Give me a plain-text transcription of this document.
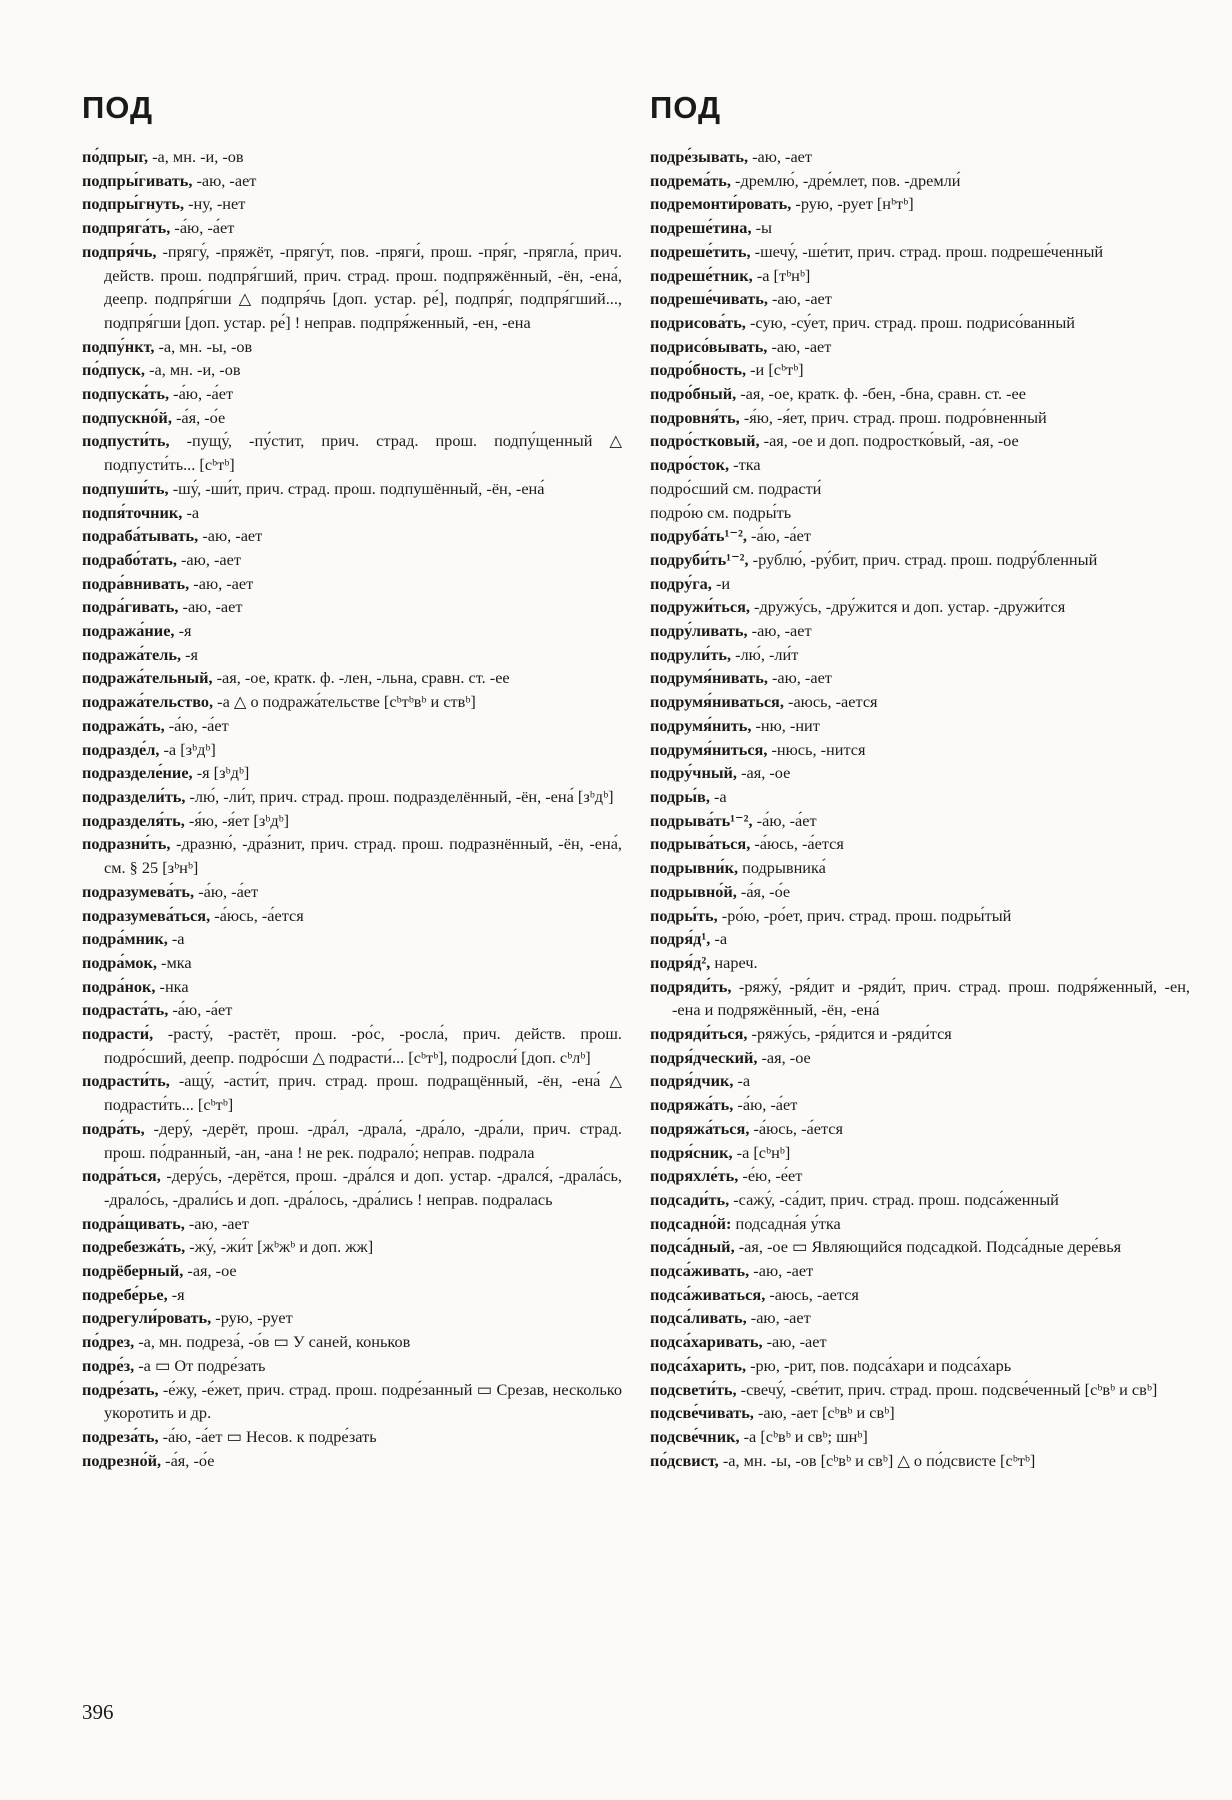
ПОД
по́дпрыг, -а, мн. -и, -ов
подпры́гивать, -аю, -ает
подпры́гнуть, -ну, -нет
подпряга́ть, -а́ю, -а́ет
подпря́чь, -прягу́, -пряжёт, -прягу́т, пов. -пряги́, прош. -пря́г, -прягла́, прич. действ. прош. подпря́гший, прич. страд. прош. подпряжённый, -ён, -ена́, деепр. подпря́гши △ подпря́чь [доп. устар. ре́], подпря́г, подпря́гший..., подпря́гши [доп. устар. ре́] ! неправ. подпря́женный, -ен, -ена
подпу́нкт, -а, мн. -ы, -ов
по́дпуск, -а, мн. -и, -ов
подпуска́ть, -а́ю, -а́ет
подпускно́й, -а́я, -о́е
подпусти́ть, -пущу́, -пу́стит, прич. страд. прош. подпу́щенный △ подпусти́ть... [сᵇтᵇ]
подпуши́ть, -шу́, -ши́т, прич. страд. прош. подпушённый, -ён, -ена́
подпя́точник, -а
подраба́тывать, -аю, -ает
подрабо́тать, -аю, -ает
подра́внивать, -аю, -ает
подра́гивать, -аю, -ает
подража́ние, -я
подража́тель, -я
подража́тельный, -ая, -ое, кратк. ф. -лен, -льна, сравн. ст. -ее
подража́тельство, -а △ о подража́тельстве [сᵇтᵇвᵇ и ствᵇ]
подража́ть, -а́ю, -а́ет
подразде́л, -а [зᵇдᵇ]
подразделе́ние, -я [зᵇдᵇ]
подраздели́ть, -лю́, -ли́т, прич. страд. прош. подразделённый, -ён, -ена́ [зᵇдᵇ]
подразделя́ть, -я́ю, -я́ет [зᵇдᵇ]
подразни́ть, -дразню́, -дра́знит, прич. страд. прош. подразнённый, -ён, -ена́, см. § 25 [зᵇнᵇ]
подразумева́ть, -а́ю, -а́ет
подразумева́ться, -а́юсь, -а́ется
подра́мник, -а
подра́мок, -мка
подра́нок, -нка
подраста́ть, -а́ю, -а́ет
подрасти́, -расту́, -растёт, прош. -ро́с, -росла́, прич. действ. прош. подро́сший, деепр. подро́сши △ подрасти́... [сᵇтᵇ], подросли́ [доп. сᵇлᵇ]
подрасти́ть, -ащу́, -асти́т, прич. страд. прош. подращённый, -ён, -ена́ △ подрасти́ть... [сᵇтᵇ]
подра́ть, -деру́, -дерёт, прош. -дра́л, -драла́, -дра́ло, -дра́ли, прич. страд. прош. по́дранный, -ан, -ана ! не рек. подрало́; неправ. подрала
подра́ться, -деру́сь, -дерётся, прош. -дра́лся и доп. устар. -дрался́, -драла́сь, -драло́сь, -драли́сь и доп. -дра́лось, -дра́лись ! неправ. подралась
подра́щивать, -аю, -ает
подребезжа́ть, -жу́, -жи́т [жᵇжᵇ и доп. жж]
подрёберный, -ая, -ое
подребе́рье, -я
подрегули́ровать, -рую, -рует
по́дрез, -а, мн. подреза́, -о́в ▭ У саней, коньков
подре́з, -а ▭ От подре́зать
подре́зать, -е́жу, -е́жет, прич. страд. прош. подре́занный ▭ Срезав, несколько укоротить и др.
подреза́ть, -а́ю, -а́ет ▭ Несов. к подре́зать
подрезно́й, -а́я, -о́е
ПОД
подре́зывать, -аю, -ает
подрема́ть, -дремлю́, -дре́млет, пов. -дремли́
подремонти́ровать, -рую, -рует [нᵇтᵇ]
подреше́тина, -ы
подреше́тить, -шечу́, -ше́тит, прич. страд. прош. подреше́ченный
подреше́тник, -а [тᵇнᵇ]
подреше́чивать, -аю, -ает
подрисова́ть, -сую, -су́ет, прич. страд. прош. подрисо́ванный
подрисо́вывать, -аю, -ает
подро́бность, -и [сᵇтᵇ]
подро́бный, -ая, -ое, кратк. ф. -бен, -бна, сравн. ст. -ее
подровня́ть, -я́ю, -я́ет, прич. страд. прош. подро́вненный
подро́стковый, -ая, -ое и доп. подростко́вый, -ая, -ое
подро́сток, -тка
подро́сший см. подрасти́
подро́ю см. подры́ть
подруба́ть¹⁻², -а́ю, -а́ет
подруби́ть¹⁻², -рублю́, -ру́бит, прич. страд. прош. подру́бленный
подру́га, -и
подружи́ться, -дружу́сь, -дру́жится и доп. устар. -дружи́тся
подру́ливать, -аю, -ает
подрули́ть, -лю́, -ли́т
подрумя́нивать, -аю, -ает
подрумя́ниваться, -аюсь, -ается
подрумя́нить, -ню, -нит
подрумя́ниться, -нюсь, -нится
подру́чный, -ая, -ое
подры́в, -а
подрыва́ть¹⁻², -а́ю, -а́ет
подрыва́ться, -а́юсь, -а́ется
подрывни́к, подрывника́
подрывно́й, -а́я, -о́е
подры́ть, -ро́ю, -ро́ет, прич. страд. прош. подры́тый
подря́д¹, -а
подря́д², нареч.
подряди́ть, -ряжу́, -ря́дит и -ряди́т, прич. страд. прош. подря́женный, -ен, -ена и подряжённый, -ён, -ена́
подряди́ться, -ряжу́сь, -ря́дится и -ряди́тся
подря́дческий, -ая, -ое
подря́дчик, -а
подряжа́ть, -а́ю, -а́ет
подряжа́ться, -а́юсь, -а́ется
подря́сник, -а [сᵇнᵇ]
подряхле́ть, -е́ю, -е́ет
подсади́ть, -сажу́, -са́дит, прич. страд. прош. подса́женный
подсадно́й: подсадна́я у́тка
подса́дный, -ая, -ое ▭ Являющийся подсадкой. Подса́дные дере́вья
подса́живать, -аю, -ает
подса́живаться, -аюсь, -ается
подса́ливать, -аю, -ает
подса́харивать, -аю, -ает
подса́харить, -рю, -рит, пов. подса́хари и подса́харь
подсвети́ть, -свечу́, -све́тит, прич. страд. прош. подсве́ченный [сᵇвᵇ и свᵇ]
подсве́чивать, -аю, -ает [сᵇвᵇ и свᵇ]
подсве́чник, -а [сᵇвᵇ и свᵇ; шнᵇ]
по́дсвист, -а, мн. -ы, -ов [сᵇвᵇ и свᵇ] △ о по́дсвисте [сᵇтᵇ]
396
